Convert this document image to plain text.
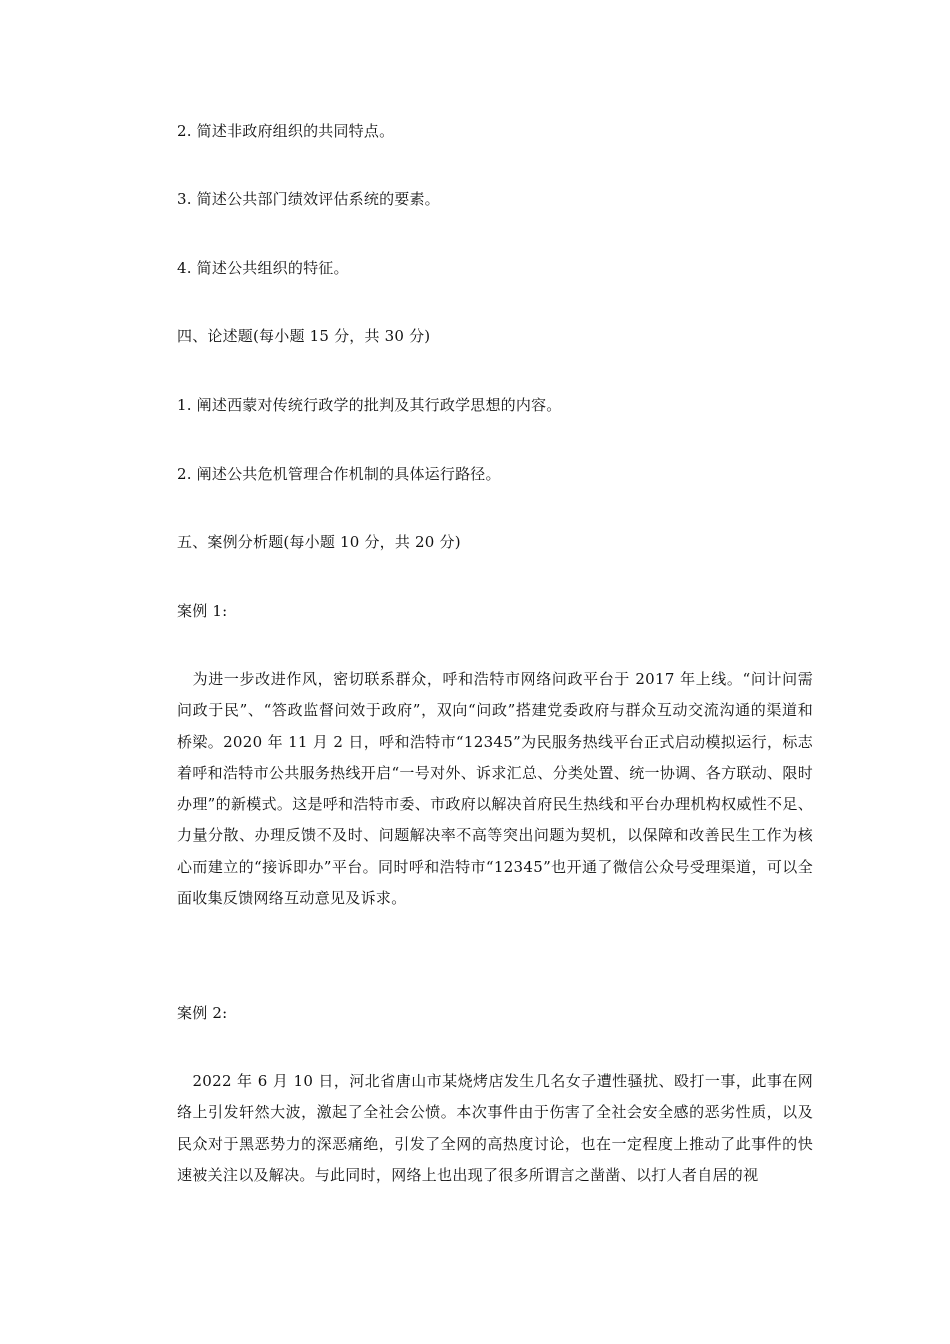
2. 简述非政府组织的共同特点。
3. 简述公共部门绩效评估系统的要素。
4. 简述公共组织的特征。
四、论述题(每小题 15 分，共 30 分)
1. 阐述西蒙对传统行政学的批判及其行政学思想的内容。
2. 阐述公共危机管理合作机制的具体运行路径。
五、案例分析题(每小题 10 分，共 20 分)
案例 1:

　为进一步改进作风，密切联系群众，呼和浩特市网络问政平台于 2017 年上线。“问计问需问政于民”、“答政监督问效于政府”，双向“问政”搭建党委政府与群众互动交流沟通的渠道和桥梁。2020 年 11 月 2 日，呼和浩特市“12345”为民服务热线平台正式启动模拟运行，标志着呼和浩特市公共服务热线开启“一号对外、诉求汇总、分类处置、统一协调、各方联动、限时办理”的新模式。这是呼和浩特市委、市政府以解决首府民生热线和平台办理机构权威性不足、力量分散、办理反馈不及时、问题解决率不高等突出问题为契机，以保障和改善民生工作为核心而建立的“接诉即办”平台。同时呼和浩特市“12345”也开通了微信公众号受理渠道，可以全面收集反馈网络互动意见及诉求。

案例 2:

　2022 年 6 月 10 日，河北省唐山市某烧烤店发生几名女子遭性骚扰、殴打一事，此事在网络上引发轩然大波，激起了全社会公愤。本次事件由于伤害了全社会安全感的恶劣性质，以及民众对于黑恶势力的深恶痛绝，引发了全网的高热度讨论，也在一定程度上推动了此事件的快速被关注以及解决。与此同时，网络上也出现了很多所谓言之凿凿、以打人者自居的视
